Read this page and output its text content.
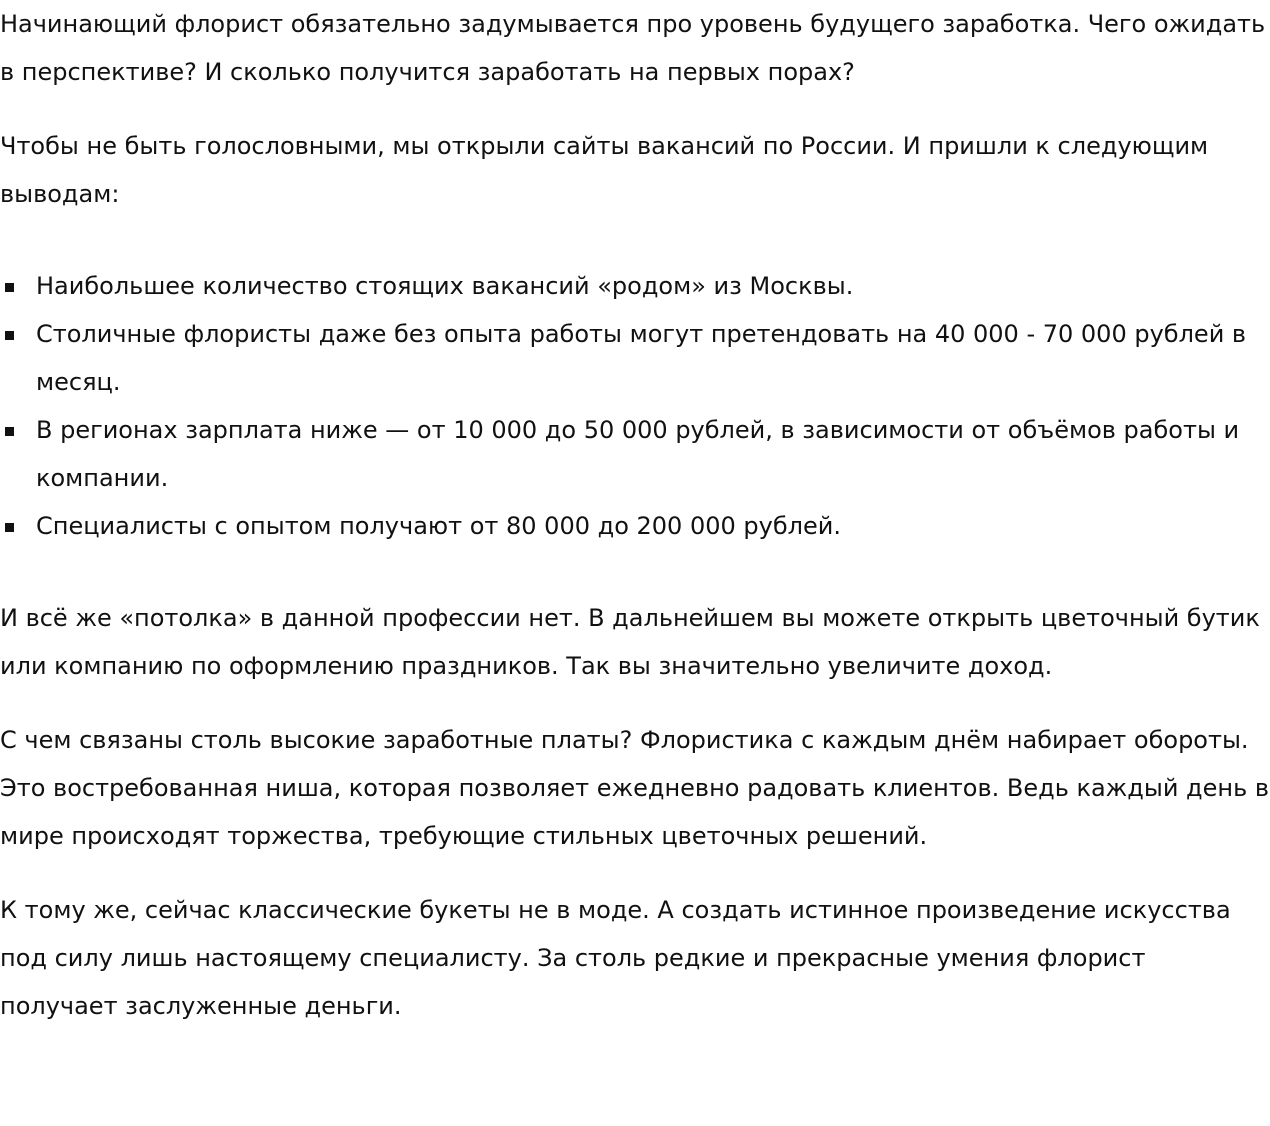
Начинающий флорист обязательно задумывается про уровень будущего заработка. Чего ожидать в перспективе? И сколько получится заработать на первых порах?

Чтобы не быть голословными, мы открыли сайты вакансий по России. И пришли к следующим выводам:

Наибольшее количество стоящих вакансий «родом» из Москвы.
Столичные флористы даже без опыта работы могут претендовать на 40 000 - 70 000 рублей в месяц.
В регионах зарплата ниже — от 10 000 до 50 000 рублей, в зависимости от объёмов работы и компании.
Специалисты с опытом получают от 80 000 до 200 000 рублей.

И всё же «потолка» в данной профессии нет. В дальнейшем вы можете открыть цветочный бутик или компанию по оформлению праздников. Так вы значительно увеличите доход.

С чем связаны столь высокие заработные платы? Флористика с каждым днём набирает обороты. Это востребованная ниша, которая позволяет ежедневно радовать клиентов. Ведь каждый день в мире происходят торжества, требующие стильных цветочных решений.

К тому же, сейчас классические букеты не в моде. А создать истинное произведение искусства под силу лишь настоящему специалисту. За столь редкие и прекрасные умения флорист получает заслуженные деньги.
